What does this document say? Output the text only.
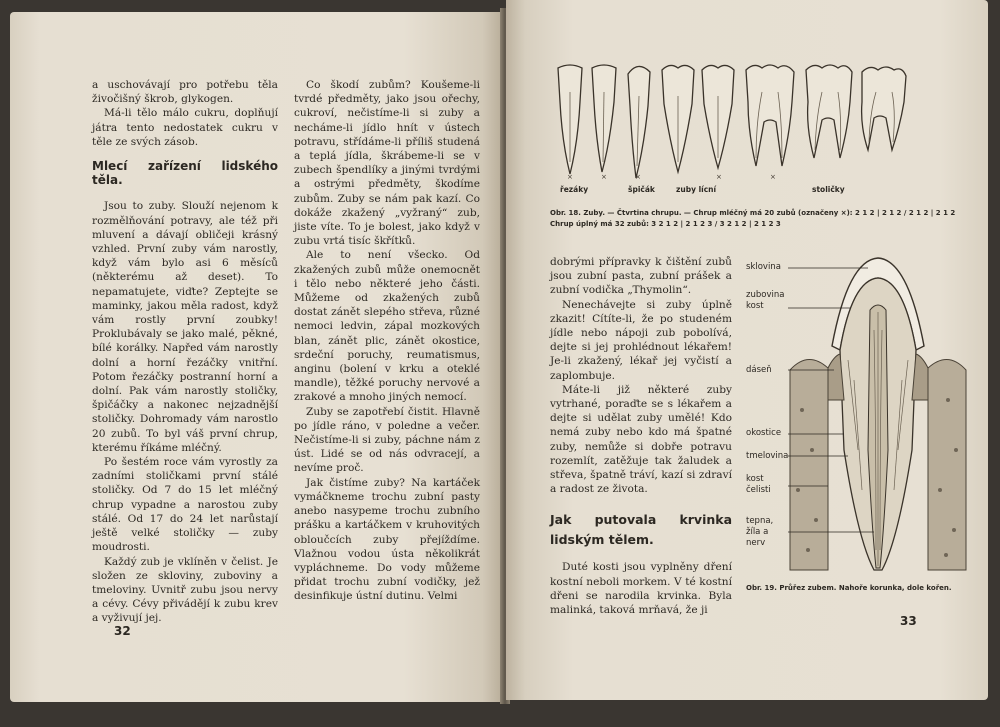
a uschovávají pro potřebu těla živočišný škrob, glykogen.

Má-li tělo málo cukru, doplňují játra tento nedostatek cukru v těle ze svých zásob.

Mlecí zařízení lidského těla.

Jsou to zuby. Slouží nejenom k rozmělňování potravy, ale též při mluvení a dávají obličeji krásný vzhled. První zuby vám narostly, když vám bylo asi 6 měsíců (některému až deset). To nepamatujete, viďte? Zeptejte se maminky, jakou měla radost, když vám rostly první zoubky! Proklubávaly se jako malé, pěkné, bílé korálky. Napřed vám narostly dolní a horní řezáčky vnitřní. Potom řezáčky postranní horní a dolní. Pak vám narostly stoličky, špičáčky a nakonec nejzadnější stoličky. Dohromady vám narostlo 20 zubů. To byl váš první chrup, kterému říkáme mléčný.

Po šestém roce vám vyrostly za zadními stoličkami první stálé stoličky. Od 7 do 15 let mléčný chrup vypadne a narostou zuby stálé. Od 17 do 24 let narůstají ještě velké stoličky — zuby moudrosti.

Každý zub je vklíněn v čelist. Je složen ze skloviny, zuboviny a tmeloviny. Uvnitř zubu jsou nervy a cévy. Cévy přivádějí k zubu krev a vyživují jej.

Co škodí zubům? Koušeme-li tvrdé předměty, jako jsou ořechy, cukroví, nečistíme-li si zuby a necháme-li jídlo hnít v ústech potravu, střídáme-li příliš studená a teplá jídla, škrábeme-li se v zubech špendlíky a jinými tvrdými a ostrými předměty, škodíme zubům. Zuby se nám pak kazí. Co dokáže zkažený „vyžraný“ zub, jiste víte. To je bolest, jako když v zubu vrtá tisíc škřítků.

Ale to není všecko. Od zkažených zubů může onemocnět i tělo nebo některé jeho části. Můžeme od zkažených zubů dostat zánět slepého střeva, různé nemoci ledvin, zápal mozkových blan, zánět plic, zánět okostice, srdeční poruchy, reumatismus, anginu (bolení v krku a oteklé mandle), těžké poruchy nervové a zrakové a mnoho jiných nemocí.

Zuby se zapotřebí čistit. Hlavně po jídle ráno, v poledne a večer. Nečistíme-li si zuby, páchne nám z úst. Lidé se od nás odvracejí, a nevíme proč.

Jak čistíme zuby? Na kartáček vymáčkneme trochu zubní pasty anebo nasypeme trochu zubního prášku a kartáčkem v kruhovitých obloučcích zuby přejíždíme. Vlažnou vodou ústa několikrát vypláchneme. Do vody můžeme přidat trochu zubní vodičky, jež desinfikuje ústní dutinu. Velmi

32
×	×	×	×	×
řezáky	špičák	zuby lícní	stoličky
Obr. 18. Zuby. — Čtvrtina chrupu. — Chrup mléčný má 20 zubů (označeny ×): 2 1 2 | 2 1 2 / 2 1 2 | 2 1 2
Chrup úplný má 32 zubů: 3 2 1 2 | 2 1 2 3 / 3 2 1 2 | 2 1 2 3

dobrými přípravky k čištění zubů jsou zubní pasta, zubní prášek a zubní vodička „Thymolin“.

Nenechávejte si zuby úplně zkazit! Cítíte-li, že po studeném jídle nebo nápoji zub pobolívá, dejte si jej prohlédnout lékařem! Je-li zkažený, lékař jej vyčistí a zaplombuje.

Máte-li již některé zuby vytrhané, poraďte se s lékařem a dejte si udělat zuby umělé! Kdo nemá zuby nebo kdo má špatné zuby, nemůže si dobře potravu rozemlít, zatěžuje tak žaludek a střeva, špatně tráví, kazí si zdraví a radost ze života.

Jak putovala krvinka lidským tělem.

Duté kosti jsou vyplněny dření kostní neboli morkem. V té kostní dřeni se narodila krvinka. Byla malinká, taková mrňavá, že ji

sklovina
zubovina kost
dáseň
okostice
tmelovina
kost čelisti
tepna, žíla a nerv
Obr. 19. Průřez zubem. Nahoře korunka, dole kořen.
33
